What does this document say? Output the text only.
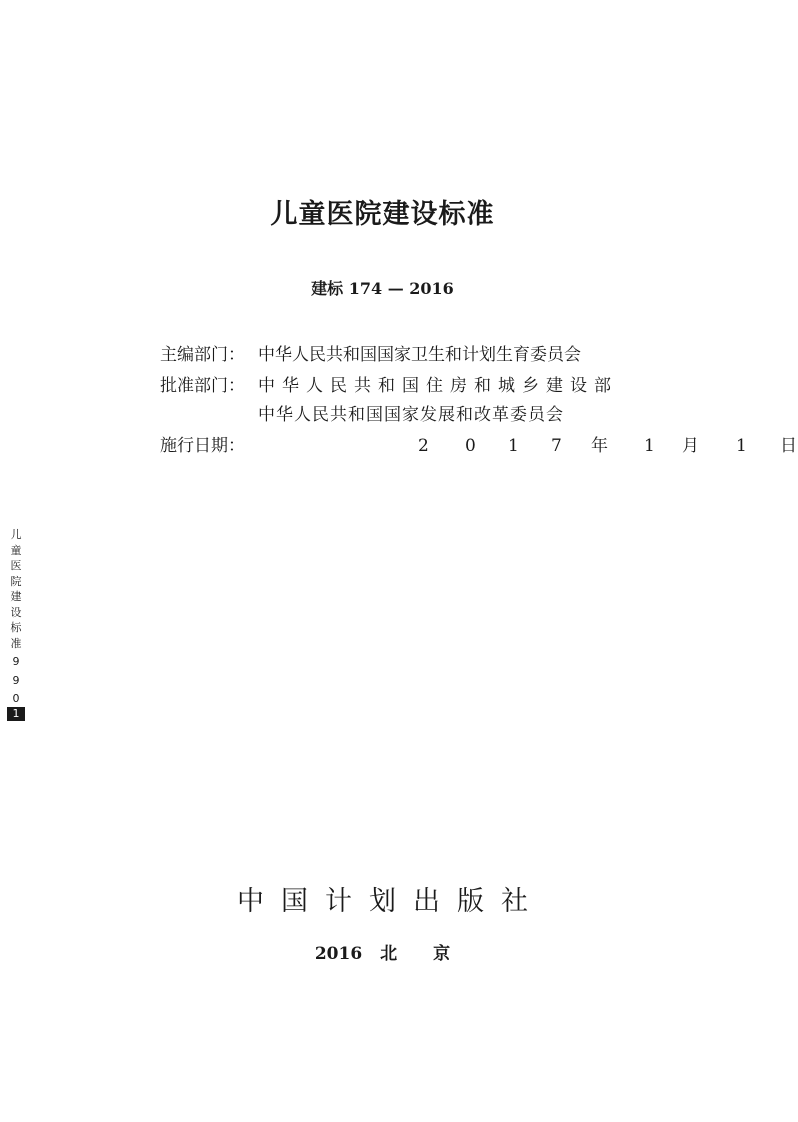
儿童医院建设标准
建标 174 — 2016
主编部门： 中华人民共和国国家卫生和计划生育委员会
批准部门： 中华人民共和国住房和城乡建设部
中华人民共和国国家发展和改革委员会
施行日期：	2 0 1 7 年 1 月 1 日
儿
童
医
院
建
设
标
准
9
9
0
1
中国计划出版社
2016 北 京
